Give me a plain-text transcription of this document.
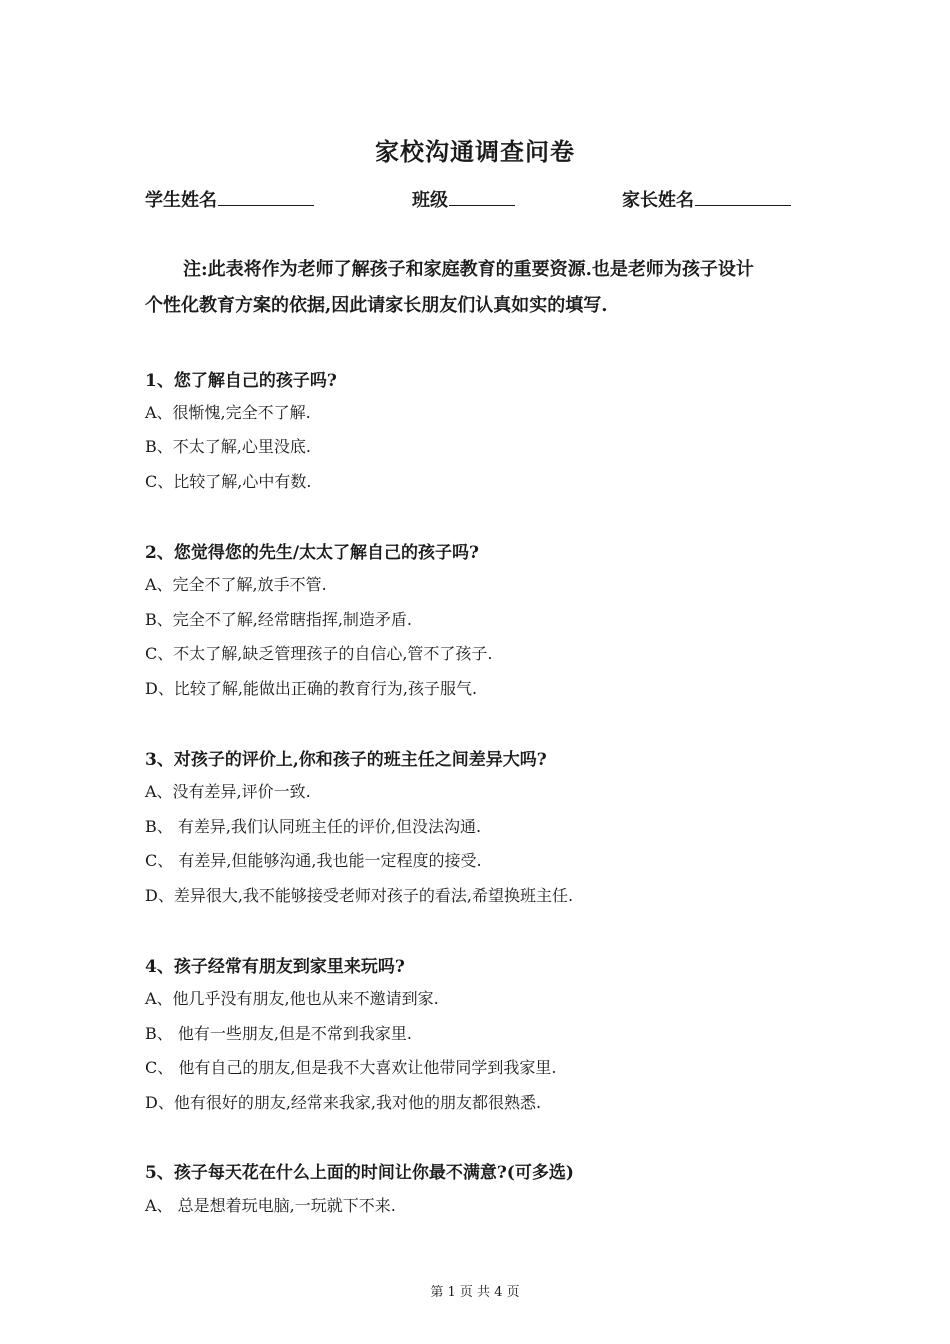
家校沟通调查问卷
学生姓名	班级	家长姓名
注:此表将作为老师了解孩子和家庭教育的重要资源.也是老师为孩子设计
个性化教育方案的依据,因此请家长朋友们认真如实的填写.
1、您了解自己的孩子吗?
A、很惭愧,完全不了解.
B、不太了解,心里没底.
C、比较了解,心中有数.
2、您觉得您的先生/太太了解自己的孩子吗?
A、完全不了解,放手不管.
B、完全不了解,经常瞎指挥,制造矛盾.
C、不太了解,缺乏管理孩子的自信心,管不了孩子.
D、比较了解,能做出正确的教育行为,孩子服气.
3、对孩子的评价上,你和孩子的班主任之间差异大吗?
A、没有差异,评价一致.
B、 有差异,我们认同班主任的评价,但没法沟通.
C、 有差异,但能够沟通,我也能一定程度的接受.
D、差异很大,我不能够接受老师对孩子的看法,希望换班主任.
4、孩子经常有朋友到家里来玩吗?
A、他几乎没有朋友,他也从来不邀请到家.
B、 他有一些朋友,但是不常到我家里.
C、 他有自己的朋友,但是我不大喜欢让他带同学到我家里.
D、他有很好的朋友,经常来我家,我对他的朋友都很熟悉.
5、孩子每天花在什么上面的时间让你最不满意?(可多选)
A、 总是想着玩电脑,一玩就下不来.
第 1 页 共 4 页
